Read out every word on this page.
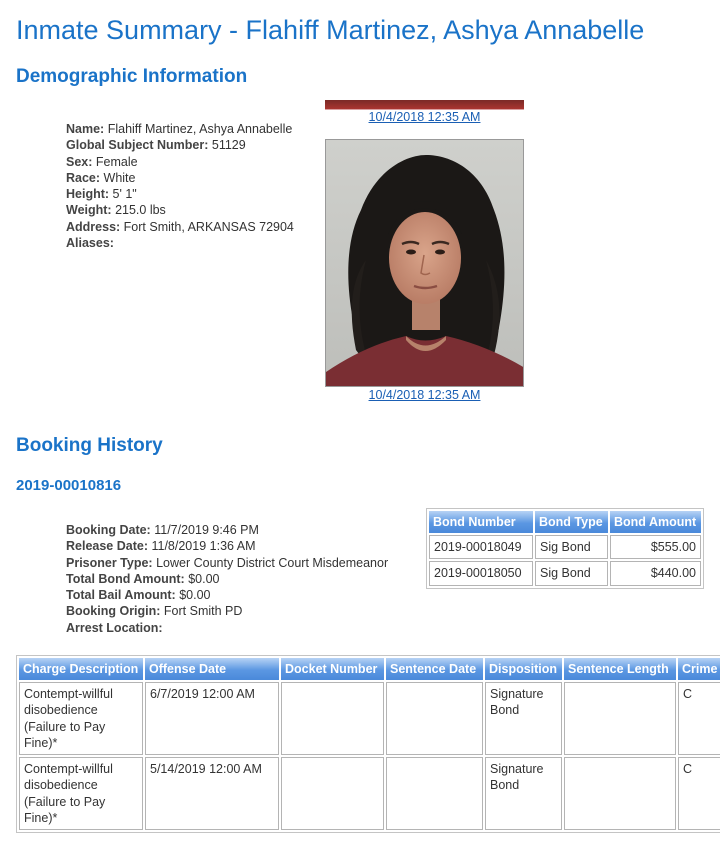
Inmate Summary - Flahiff Martinez, Ashya Annabelle
Demographic Information
Name: Flahiff Martinez, Ashya Annabelle
Global Subject Number: 51129
Sex: Female
Race: White
Height: 5' 1"
Weight: 215.0 lbs
Address: Fort Smith, ARKANSAS 72904
Aliases:
10/4/2018 12:35 AM
10/4/2018 12:35 AM
Booking History
2019-00010816
Booking Date: 11/7/2019 9:46 PM
Release Date: 11/8/2019 1:36 AM
Prisoner Type: Lower County District Court Misdemeanor
Total Bond Amount: $0.00
Total Bail Amount: $0.00
Booking Origin: Fort Smith PD
Arrest Location:
Bond Number	Bond Type	Bond Amount
2019-00018049	Sig Bond	$555.00
2019-00018050	Sig Bond	$440.00
Charge Description	Offense Date	Docket Number	Sentence Date	Disposition	Sentence Length	Crime
Contempt-willful disobedience (Failure to Pay Fine)*	6/7/2019 12:00 AM			Signature Bond		C
Contempt-willful disobedience (Failure to Pay Fine)*	5/14/2019 12:00 AM			Signature Bond		C
